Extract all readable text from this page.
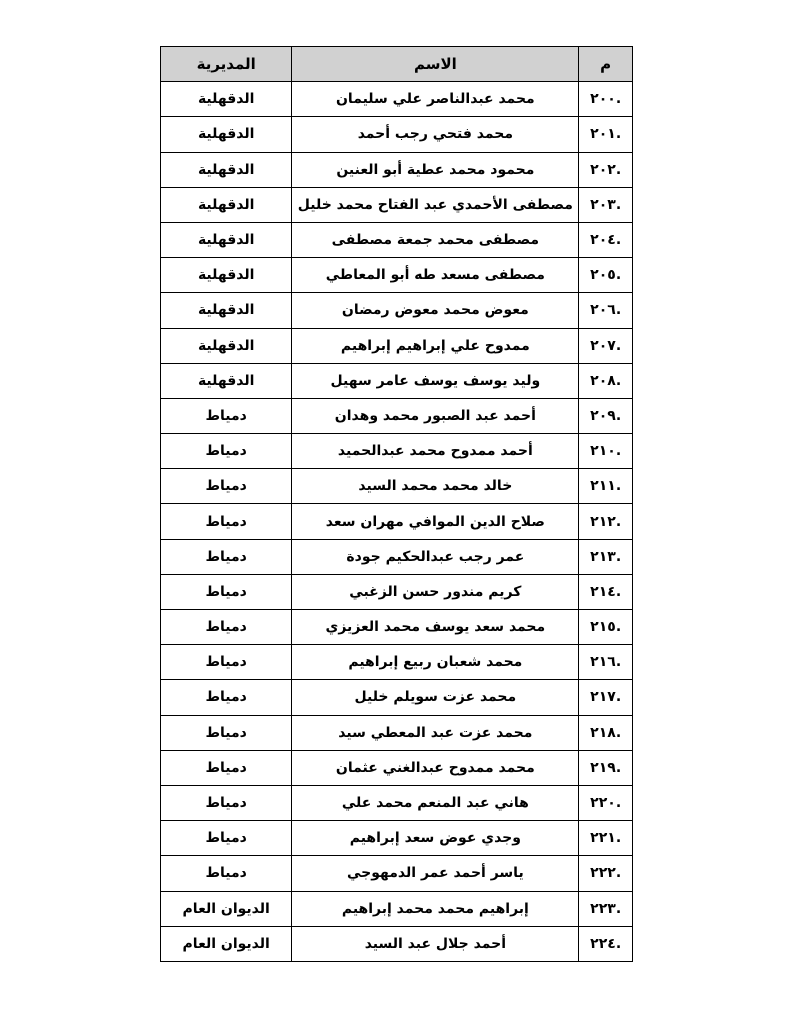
م	الاسم	المديرية
.٢٠٠	محمد عبدالناصر علي سليمان	الدقهلية
.٢٠١	محمد فتحي رجب أحمد	الدقهلية
.٢٠٢	محمود محمد عطية أبو العنين	الدقهلية
.٢٠٣	مصطفى الأحمدي عبد الفتاح محمد خليل	الدقهلية
.٢٠٤	مصطفى محمد جمعة مصطفى	الدقهلية
.٢٠٥	مصطفى مسعد طه أبو المعاطي	الدقهلية
.٢٠٦	معوض محمد معوض رمضان	الدقهلية
.٢٠٧	ممدوح علي إبراهيم إبراهيم	الدقهلية
.٢٠٨	وليد يوسف يوسف عامر سهيل	الدقهلية
.٢٠٩	أحمد عبد الصبور محمد وهدان	دمياط
.٢١٠	أحمد ممدوح محمد عبدالحميد	دمياط
.٢١١	خالد محمد محمد السيد	دمياط
.٢١٢	صلاح الدين الموافي مهران سعد	دمياط
.٢١٣	عمر رجب عبدالحكيم جودة	دمياط
.٢١٤	كريم مندور حسن الزغبي	دمياط
.٢١٥	محمد سعد يوسف محمد العزيزي	دمياط
.٢١٦	محمد شعبان ربيع إبراهيم	دمياط
.٢١٧	محمد عزت سويلم خليل	دمياط
.٢١٨	محمد عزت عبد المعطي سيد	دمياط
.٢١٩	محمد ممدوح عبدالغني عثمان	دمياط
.٢٢٠	هاني عبد المنعم محمد علي	دمياط
.٢٢١	وجدي عوض سعد إبراهيم	دمياط
.٢٢٢	ياسر أحمد عمر الدمهوجي	دمياط
.٢٢٣	إبراهيم محمد محمد إبراهيم	الديوان العام
.٢٢٤	أحمد جلال عبد السيد	الديوان العام
